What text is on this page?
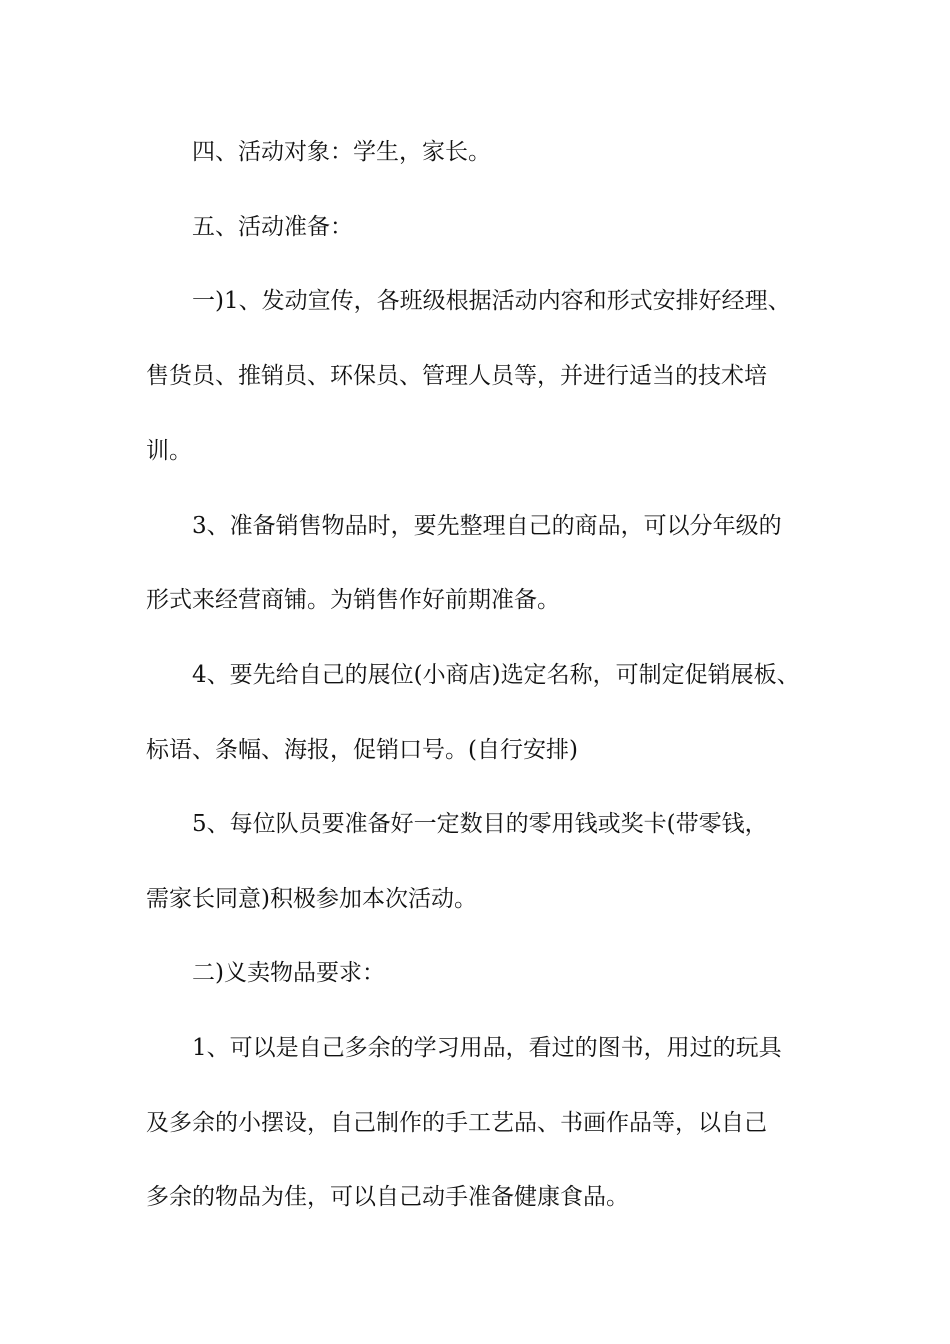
四、活动对象：学生，家长。
五、活动准备：
一)1、发动宣传，各班级根据活动内容和形式安排好经理、
售货员、推销员、环保员、管理人员等，并进行适当的技术培
训。
3、准备销售物品时，要先整理自己的商品，可以分年级的
形式来经营商铺。为销售作好前期准备。
4、要先给自己的展位(小商店)选定名称，可制定促销展板、
标语、条幅、海报，促销口号。(自行安排)
5、每位队员要准备好一定数目的零用钱或奖卡(带零钱，
需家长同意)积极参加本次活动。
二)义卖物品要求：
1、可以是自己多余的学习用品，看过的图书，用过的玩具
及多余的小摆设，自己制作的手工艺品、书画作品等，以自己
多余的物品为佳，可以自己动手准备健康食品。
